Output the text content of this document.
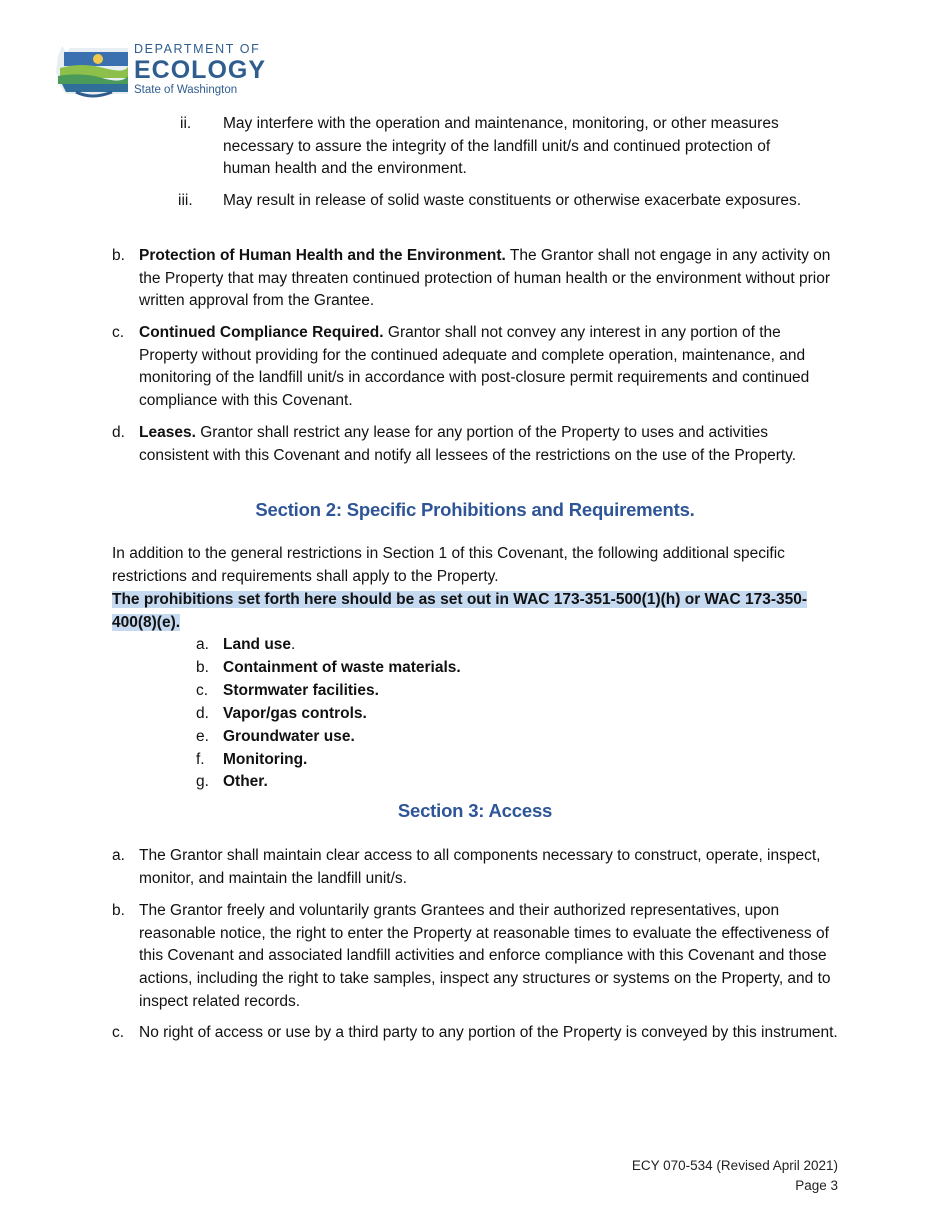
DEPARTMENT OF
ECOLOGY
State of Washington
ii.	May interfere with the operation and maintenance, monitoring, or other measures necessary to assure the integrity of the landfill unit/s and continued protection of human health and the environment.
iii.	May result in release of solid waste constituents or otherwise exacerbate exposures.
b. Protection of Human Health and the Environment. The Grantor shall not engage in any activity on the Property that may threaten continued protection of human health or the environment without prior written approval from the Grantee.
c. Continued Compliance Required. Grantor shall not convey any interest in any portion of the Property without providing for the continued adequate and complete operation, maintenance, and monitoring of the landfill unit/s in accordance with post-closure permit requirements and continued compliance with this Covenant.
d. Leases. Grantor shall restrict any lease for any portion of the Property to uses and activities consistent with this Covenant and notify all lessees of the restrictions on the use of the Property.
Section 2: Specific Prohibitions and Requirements.
In addition to the general restrictions in Section 1 of this Covenant, the following additional specific restrictions and requirements shall apply to the Property.
The prohibitions set forth here should be as set out in WAC 173-351-500(1)(h) or WAC 173-350-400(8)(e).
a. Land use.
b. Containment of waste materials.
c. Stormwater facilities.
d. Vapor/gas controls.
e. Groundwater use.
f. Monitoring.
g. Other.
Section 3: Access
a. The Grantor shall maintain clear access to all components necessary to construct, operate, inspect, monitor, and maintain the landfill unit/s.
b. The Grantor freely and voluntarily grants Grantees and their authorized representatives, upon reasonable notice, the right to enter the Property at reasonable times to evaluate the effectiveness of this Covenant and associated landfill activities and enforce compliance with this Covenant and those actions, including the right to take samples, inspect any structures or systems on the Property, and to inspect related records.
c. No right of access or use by a third party to any portion of the Property is conveyed by this instrument.
ECY 070-534 (Revised April 2021)
Page 3
